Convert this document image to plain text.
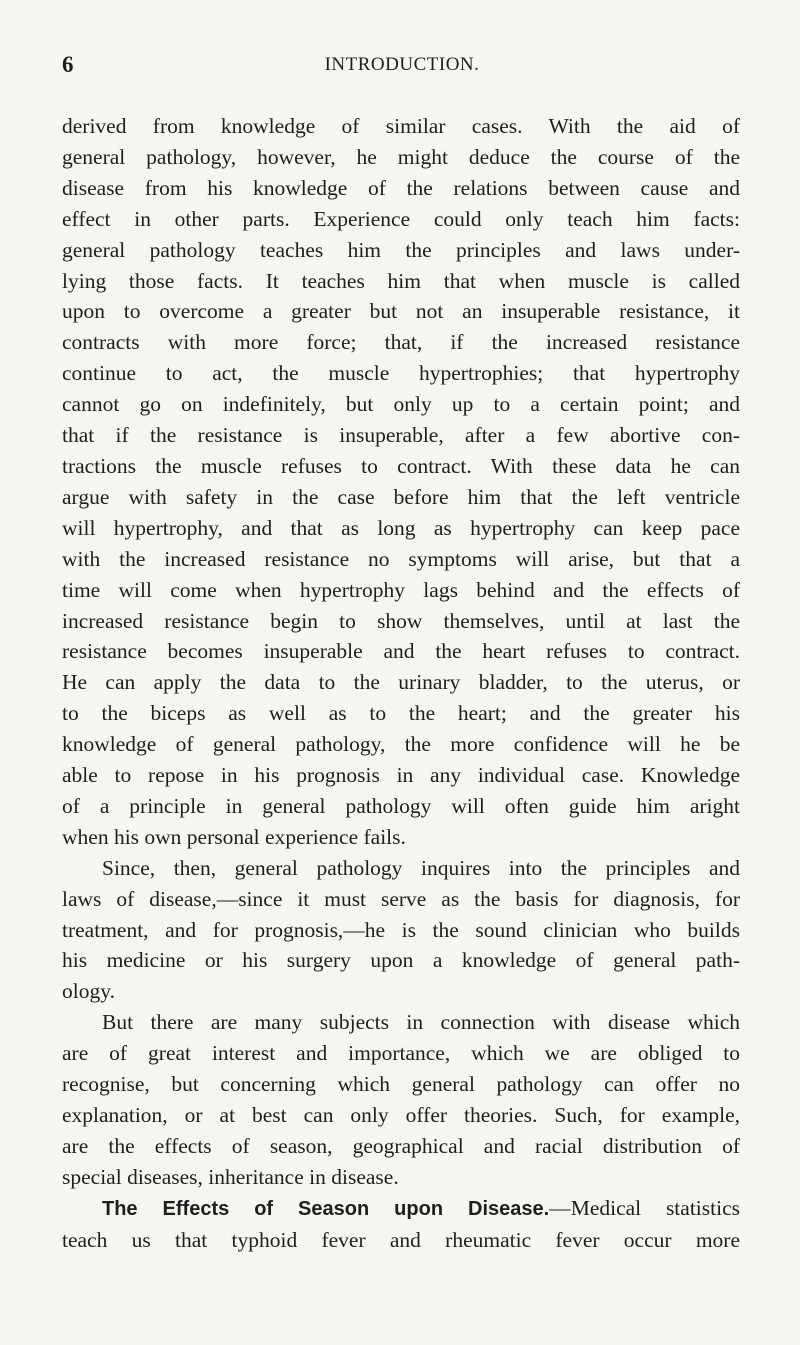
6	INTRODUCTION.

derived from knowledge of similar cases. With the aid of
general pathology, however, he might deduce the course of the
disease from his knowledge of the relations between cause and
effect in other parts. Experience could only teach him facts:
general pathology teaches him the principles and laws under-
lying those facts. It teaches him that when muscle is called
upon to overcome a greater but not an insuperable resistance, it
contracts with more force; that, if the increased resistance
continue to act, the muscle hypertrophies; that hypertrophy
cannot go on indefinitely, but only up to a certain point; and
that if the resistance is insuperable, after a few abortive con-
tractions the muscle refuses to contract. With these data he can
argue with safety in the case before him that the left ventricle
will hypertrophy, and that as long as hypertrophy can keep pace
with the increased resistance no symptoms will arise, but that a
time will come when hypertrophy lags behind and the effects of
increased resistance begin to show themselves, until at last the
resistance becomes insuperable and the heart refuses to contract.
He can apply the data to the urinary bladder, to the uterus, or
to the biceps as well as to the heart; and the greater his
knowledge of general pathology, the more confidence will he be
able to repose in his prognosis in any individual case. Knowledge
of a principle in general pathology will often guide him aright
when his own personal experience fails.

Since, then, general pathology inquires into the principles and
laws of disease,—since it must serve as the basis for diagnosis, for
treatment, and for prognosis,—he is the sound clinician who builds
his medicine or his surgery upon a knowledge of general path-
ology.

But there are many subjects in connection with disease which
are of great interest and importance, which we are obliged to
recognise, but concerning which general pathology can offer no
explanation, or at best can only offer theories. Such, for example,
are the effects of season, geographical and racial distribution of
special diseases, inheritance in disease.

The Effects of Season upon Disease.—Medical statistics
teach us that typhoid fever and rheumatic fever occur more
